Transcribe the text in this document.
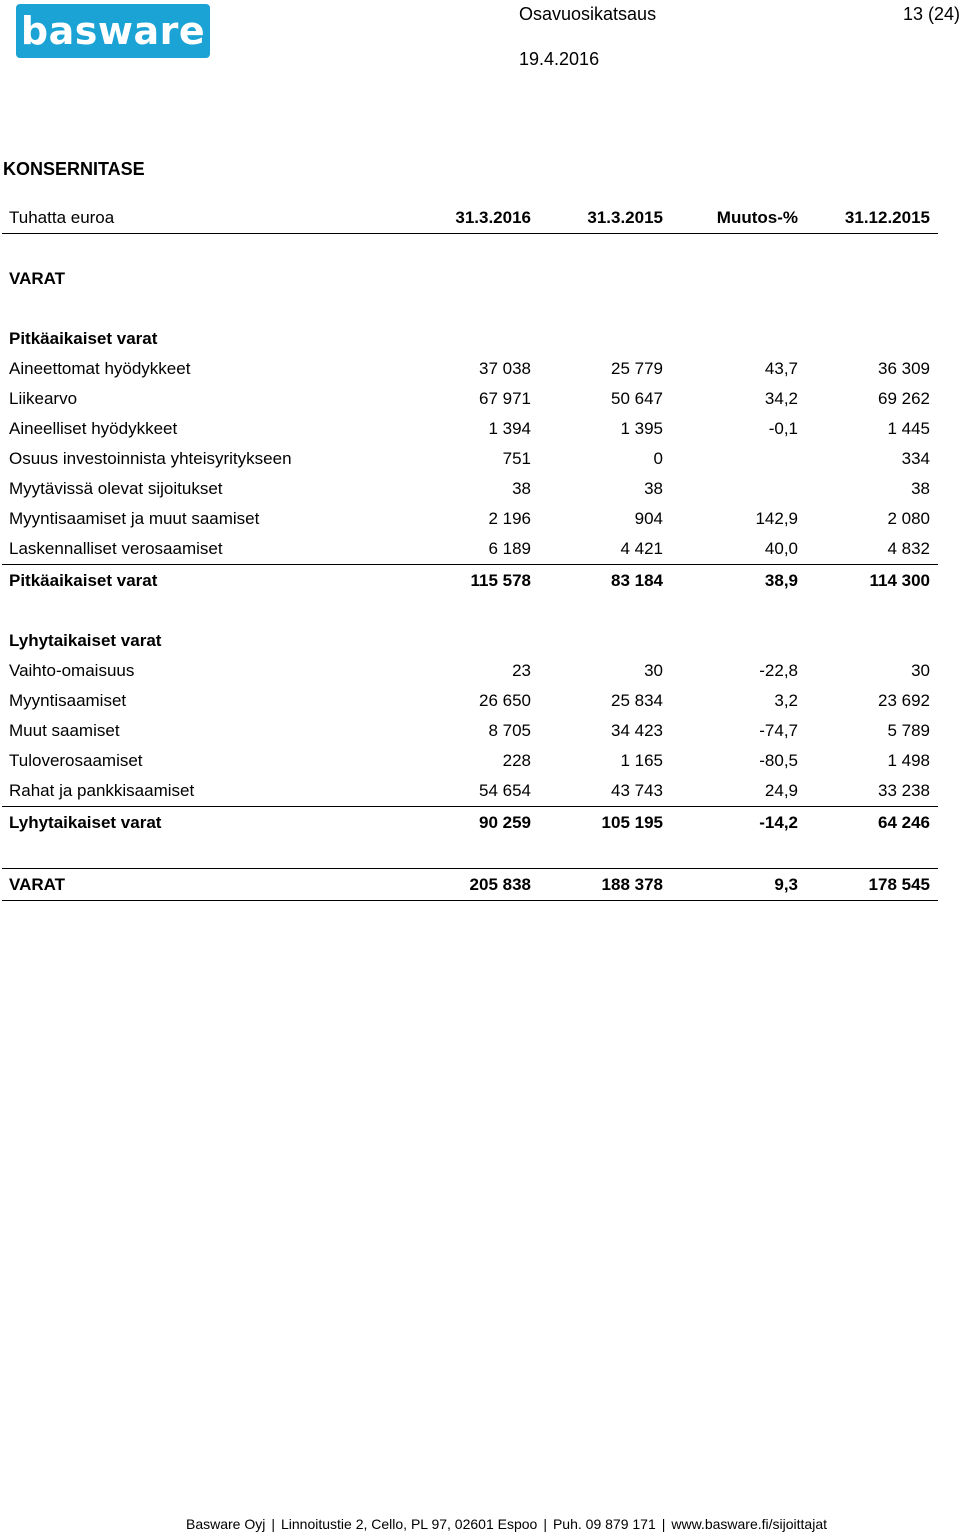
basware	Osavuosikatsaus	13 (24)
19.4.2016
KONSERNITASE
Tuhatta euroa	31.3.2016	31.3.2015	Muutos-%	31.12.2015

VARAT				

Pitkäaikaiset varat				
Aineettomat hyödykkeet	37 038	25 779	43,7	36 309
Liikearvo	67 971	50 647	34,2	69 262
Aineelliset hyödykkeet	1 394	1 395	-0,1	1 445
Osuus investoinnista yhteisyritykseen	751	0		334
Myytävissä olevat sijoitukset	38	38		38
Myyntisaamiset ja muut saamiset	2 196	904	142,9	2 080
Laskennalliset verosaamiset	6 189	4 421	40,0	4 832
Pitkäaikaiset varat	115 578	83 184	38,9	114 300

Lyhytaikaiset varat				
Vaihto-omaisuus	23	30	-22,8	30
Myyntisaamiset	26 650	25 834	3,2	23 692
Muut saamiset	8 705	34 423	-74,7	5 789
Tuloverosaamiset	228	1 165	-80,5	1 498
Rahat ja pankkisaamiset	54 654	43 743	24,9	33 238
Lyhytaikaiset varat	90 259	105 195	-14,2	64 246

VARAT	205 838	188 378	9,3	178 545
Basware Oyj | Linnoitustie 2, Cello, PL 97, 02601 Espoo | Puh. 09 879 171 | www.basware.fi/sijoittajat
